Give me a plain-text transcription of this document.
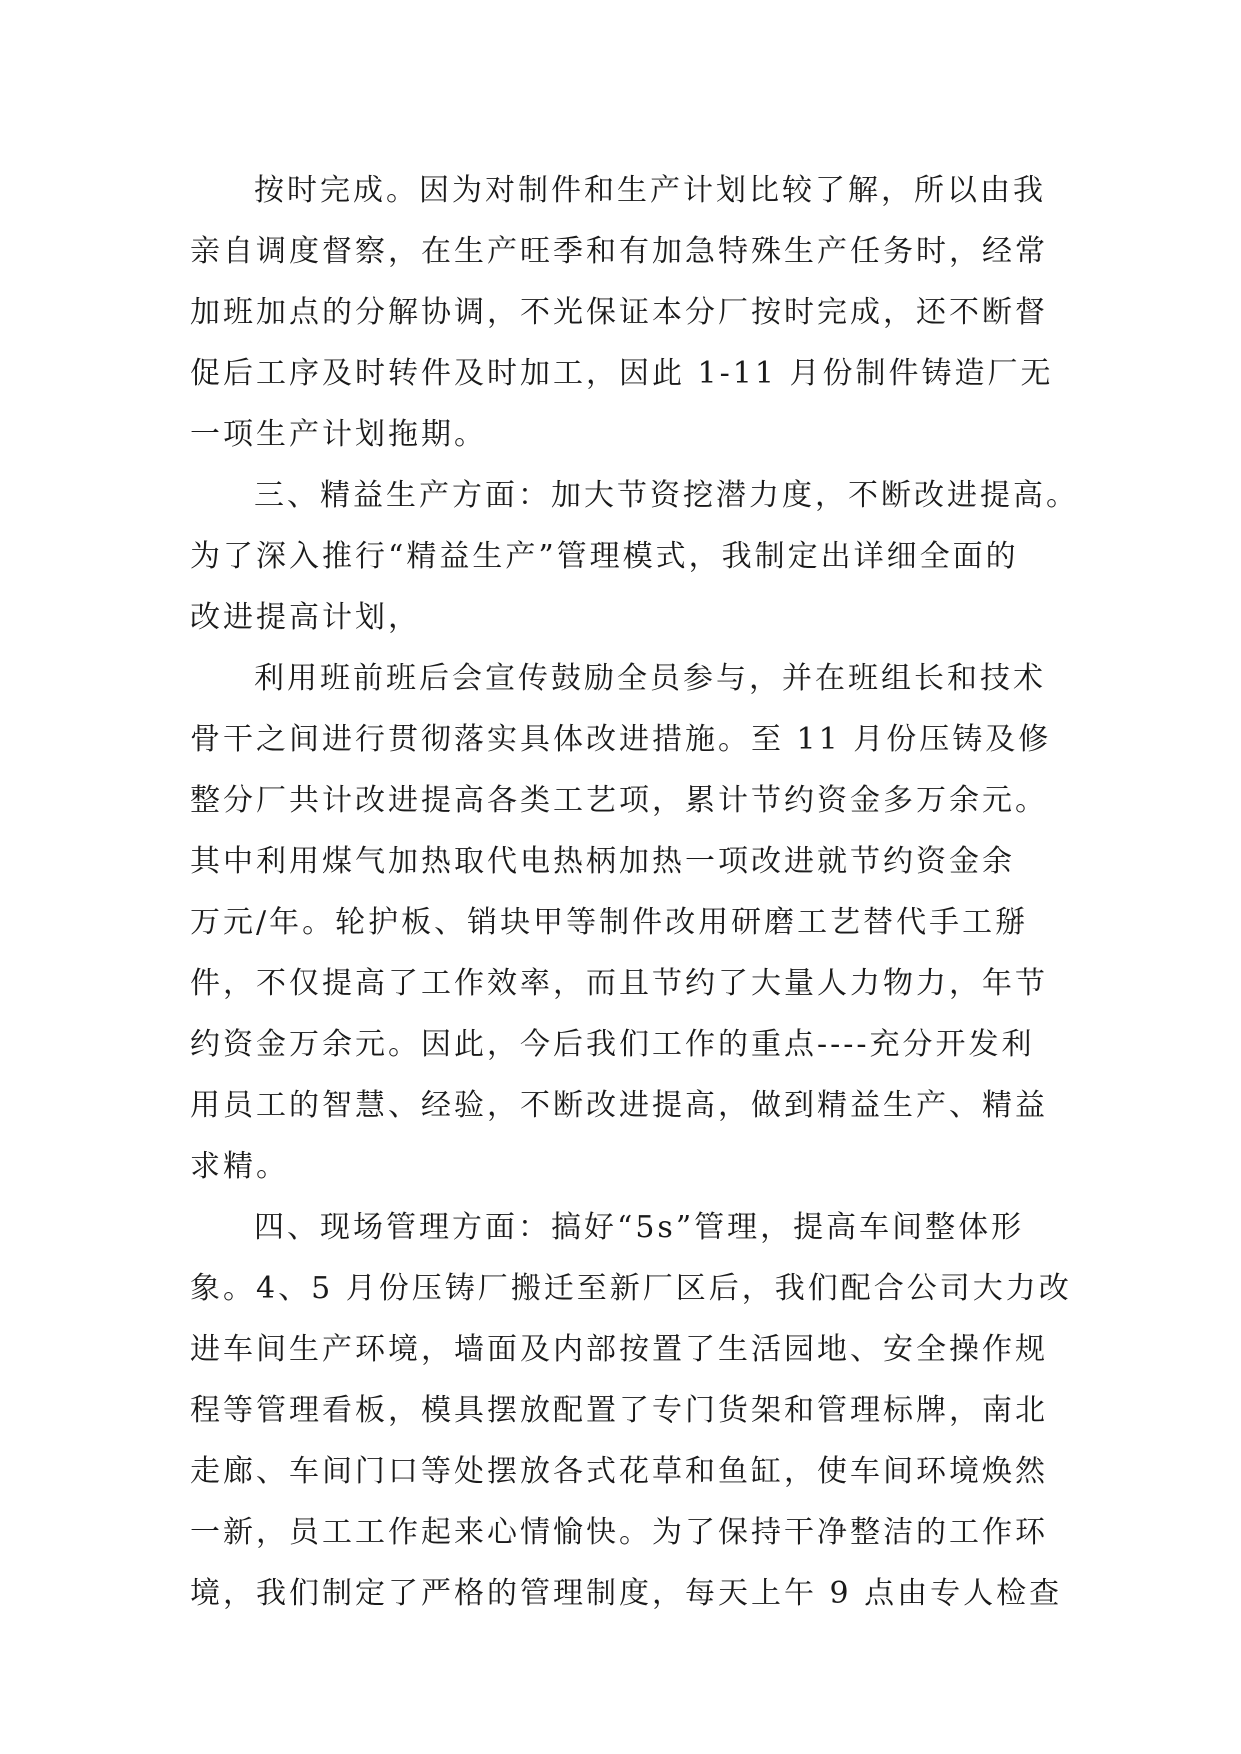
按时完成。因为对制件和生产计划比较了解，所以由我
亲自调度督察，在生产旺季和有加急特殊生产任务时，经常
加班加点的分解协调，不光保证本分厂按时完成，还不断督
促后工序及时转件及时加工，因此 1-11 月份制件铸造厂无
一项生产计划拖期。
三、精益生产方面：加大节资挖潜力度，不断改进提高。
为了深入推行“精益生产”管理模式，我制定出详细全面的
改进提高计划，
利用班前班后会宣传鼓励全员参与，并在班组长和技术
骨干之间进行贯彻落实具体改进措施。至 11 月份压铸及修
整分厂共计改进提高各类工艺项，累计节约资金多万余元。
其中利用煤气加热取代电热柄加热一项改进就节约资金余
万元/年。轮护板、销块甲等制件改用研磨工艺替代手工掰
件，不仅提高了工作效率，而且节约了大量人力物力，年节
约资金万余元。因此，今后我们工作的重点----充分开发利
用员工的智慧、经验，不断改进提高，做到精益生产、精益
求精。
四、现场管理方面：搞好“5s”管理，提高车间整体形
象。4、5 月份压铸厂搬迁至新厂区后，我们配合公司大力改
进车间生产环境，墙面及内部按置了生活园地、安全操作规
程等管理看板，模具摆放配置了专门货架和管理标牌，南北
走廊、车间门口等处摆放各式花草和鱼缸，使车间环境焕然
一新，员工工作起来心情愉快。为了保持干净整洁的工作环
境，我们制定了严格的管理制度，每天上午 9 点由专人检查
